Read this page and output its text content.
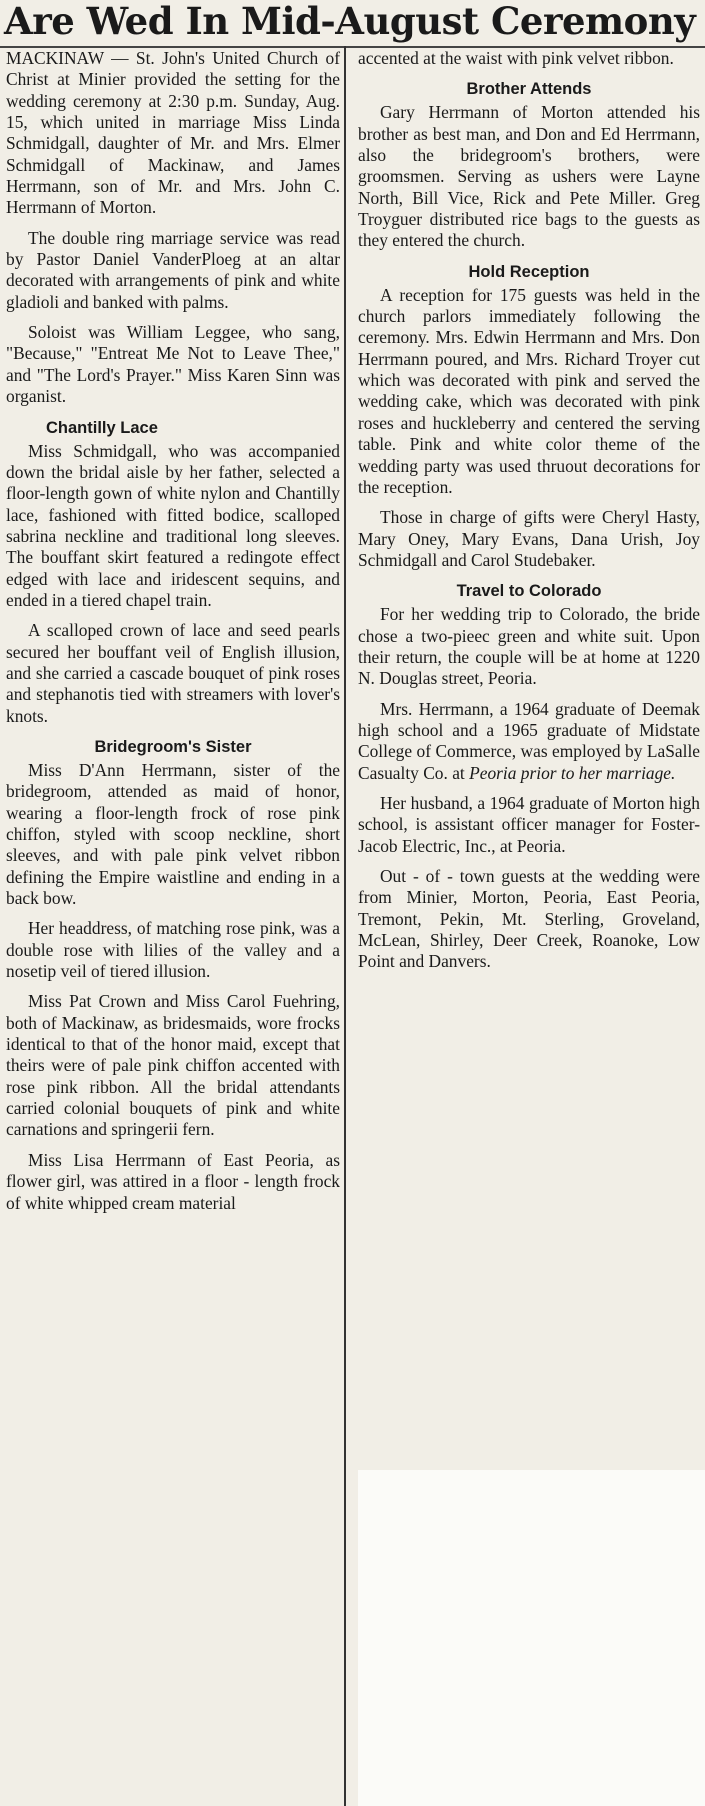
Are Wed In Mid-August Ceremony

MACKINAW — St. John's United Church of Christ at Minier provided the setting for the wedding ceremony at 2:30 p.m. Sunday, Aug. 15, which united in marriage Miss Linda Schmidgall, daughter of Mr. and Mrs. Elmer Schmidgall of Mackinaw, and James Herrmann, son of Mr. and Mrs. John C. Herrmann of Morton.

The double ring marriage service was read by Pastor Daniel VanderPloeg at an altar decorated with arrangements of pink and white gladioli and banked with palms.

Soloist was William Leggee, who sang, "Because," "Entreat Me Not to Leave Thee," and "The Lord's Prayer." Miss Karen Sinn was organist.

Chantilly Lace

Miss Schmidgall, who was accompanied down the bridal aisle by her father, selected a floor-length gown of white nylon and Chantilly lace, fashioned with fitted bodice, scalloped sabrina neckline and traditional long sleeves. The bouffant skirt featured a redingote effect edged with lace and iridescent sequins, and ended in a tiered chapel train.

A scalloped crown of lace and seed pearls secured her bouffant veil of English illusion, and she carried a cascade bouquet of pink roses and stephanotis tied with streamers with lover's knots.

Bridegroom's Sister

Miss D'Ann Herrmann, sister of the bridegroom, attended as maid of honor, wearing a floor-length frock of rose pink chiffon, styled with scoop neckline, short sleeves, and with pale pink velvet ribbon defining the Empire waistline and ending in a back bow.

Her headdress, of matching rose pink, was a double rose with lilies of the valley and a nosetip veil of tiered illusion.

Miss Pat Crown and Miss Carol Fuehring, both of Mackinaw, as bridesmaids, wore frocks identical to that of the honor maid, except that theirs were of pale pink chiffon accented with rose pink ribbon. All the bridal attendants carried colonial bouquets of pink and white carnations and springerii fern.

Miss Lisa Herrmann of East Peoria, as flower girl, was attired in a floor - length frock of white whipped cream material

accented at the waist with pink velvet ribbon.

Brother Attends

Gary Herrmann of Morton attended his brother as best man, and Don and Ed Herrmann, also the bridegroom's brothers, were groomsmen. Serving as ushers were Layne North, Bill Vice, Rick and Pete Miller. Greg Troyguer distributed rice bags to the guests as they entered the church.

Hold Reception

A reception for 175 guests was held in the church parlors immediately following the ceremony. Mrs. Edwin Herrmann and Mrs. Don Herrmann poured, and Mrs. Richard Troyer cut which was decorated with pink and served the wedding cake, which was decorated with pink roses and huckleberry and centered the serving table. Pink and white color theme of the wedding party was used thruout decorations for the reception.

Those in charge of gifts were Cheryl Hasty, Mary Oney, Mary Evans, Dana Urish, Joy Schmidgall and Carol Studebaker.

Travel to Colorado

For her wedding trip to Colorado, the bride chose a two-pieec green and white suit. Upon their return, the couple will be at home at 1220 N. Douglas street, Peoria.

Mrs. Herrmann, a 1964 graduate of Deemak high school and a 1965 graduate of Midstate College of Commerce, was employed by LaSalle Casualty Co. at Peoria prior to her marriage.

Her husband, a 1964 graduate of Morton high school, is assistant officer manager for Foster-Jacob Electric, Inc., at Peoria.

Out - of - town guests at the wedding were from Minier, Morton, Peoria, East Peoria, Tremont, Pekin, Mt. Sterling, Groveland, McLean, Shirley, Deer Creek, Roanoke, Low Point and Danvers.
